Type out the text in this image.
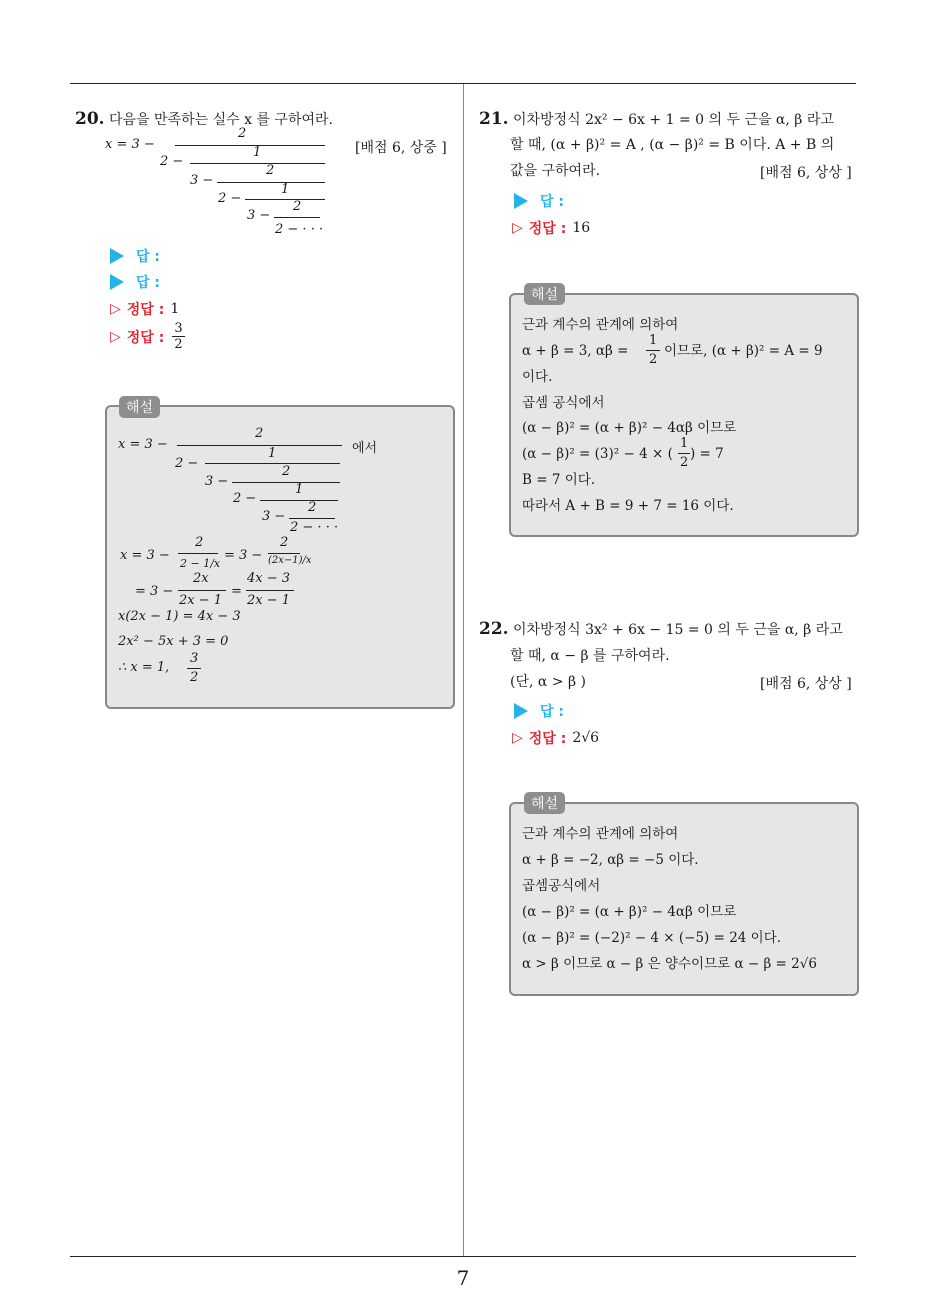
7
20. 다음을 만족하는 실수 x 를 구하여라.
[배점 6, 상중 ]
x = 3 −
2
2 −
1
3 −
2
2 −
1
3 −
2
2 − · · ·
답 :
답 :
▷ 정답 : 1
▷ 정답 : $\frac{3}{2}$
해설
x = 3 −	에서
2
2 −
1
3 −
2
2 −
1
3 −
2
2 − · · ·
x = 3 −
2
2 − 1/x
= 3 −
2
(2x−1)/x
= 3 −
2x
2x − 1
=
4x − 3
2x − 1
x(2x − 1) = 4x − 3
2x² − 5x + 3 = 0
∴ x = 1,
3
2
21. 이차방정식 2x² − 6x + 1 = 0 의 두 근을 α, β 라고
할 때, (α + β)² = A , (α − β)² = B 이다. A + B 의
값을 구하여라.	[배점 6, 상상 ]
답 :
▷ 정답 : 16
해설
근과 계수의 관계에 의하여
α + β = 3, αβ =
1
2
이므로, (α + β)² = A = 9
이다.
곱셈 공식에서
(α − β)² = (α + β)² − 4αβ 이므로
(α − β)² = (3)² − 4 × (
1
2
) = 7
B = 7 이다.
따라서 A + B = 9 + 7 = 16 이다.
22. 이차방정식 3x² + 6x − 15 = 0 의 두 근을 α, β 라고
할 때, α − β 를 구하여라.
(단, α > β )	[배점 6, 상상 ]
답 :
▷ 정답 : 2√6
해설
근과 계수의 관계에 의하여
α + β = −2, αβ = −5 이다.
곱셈공식에서
(α − β)² = (α + β)² − 4αβ 이므로
(α − β)² = (−2)² − 4 × (−5) = 24 이다.
α > β 이므로 α − β 은 양수이므로 α − β = 2√6
